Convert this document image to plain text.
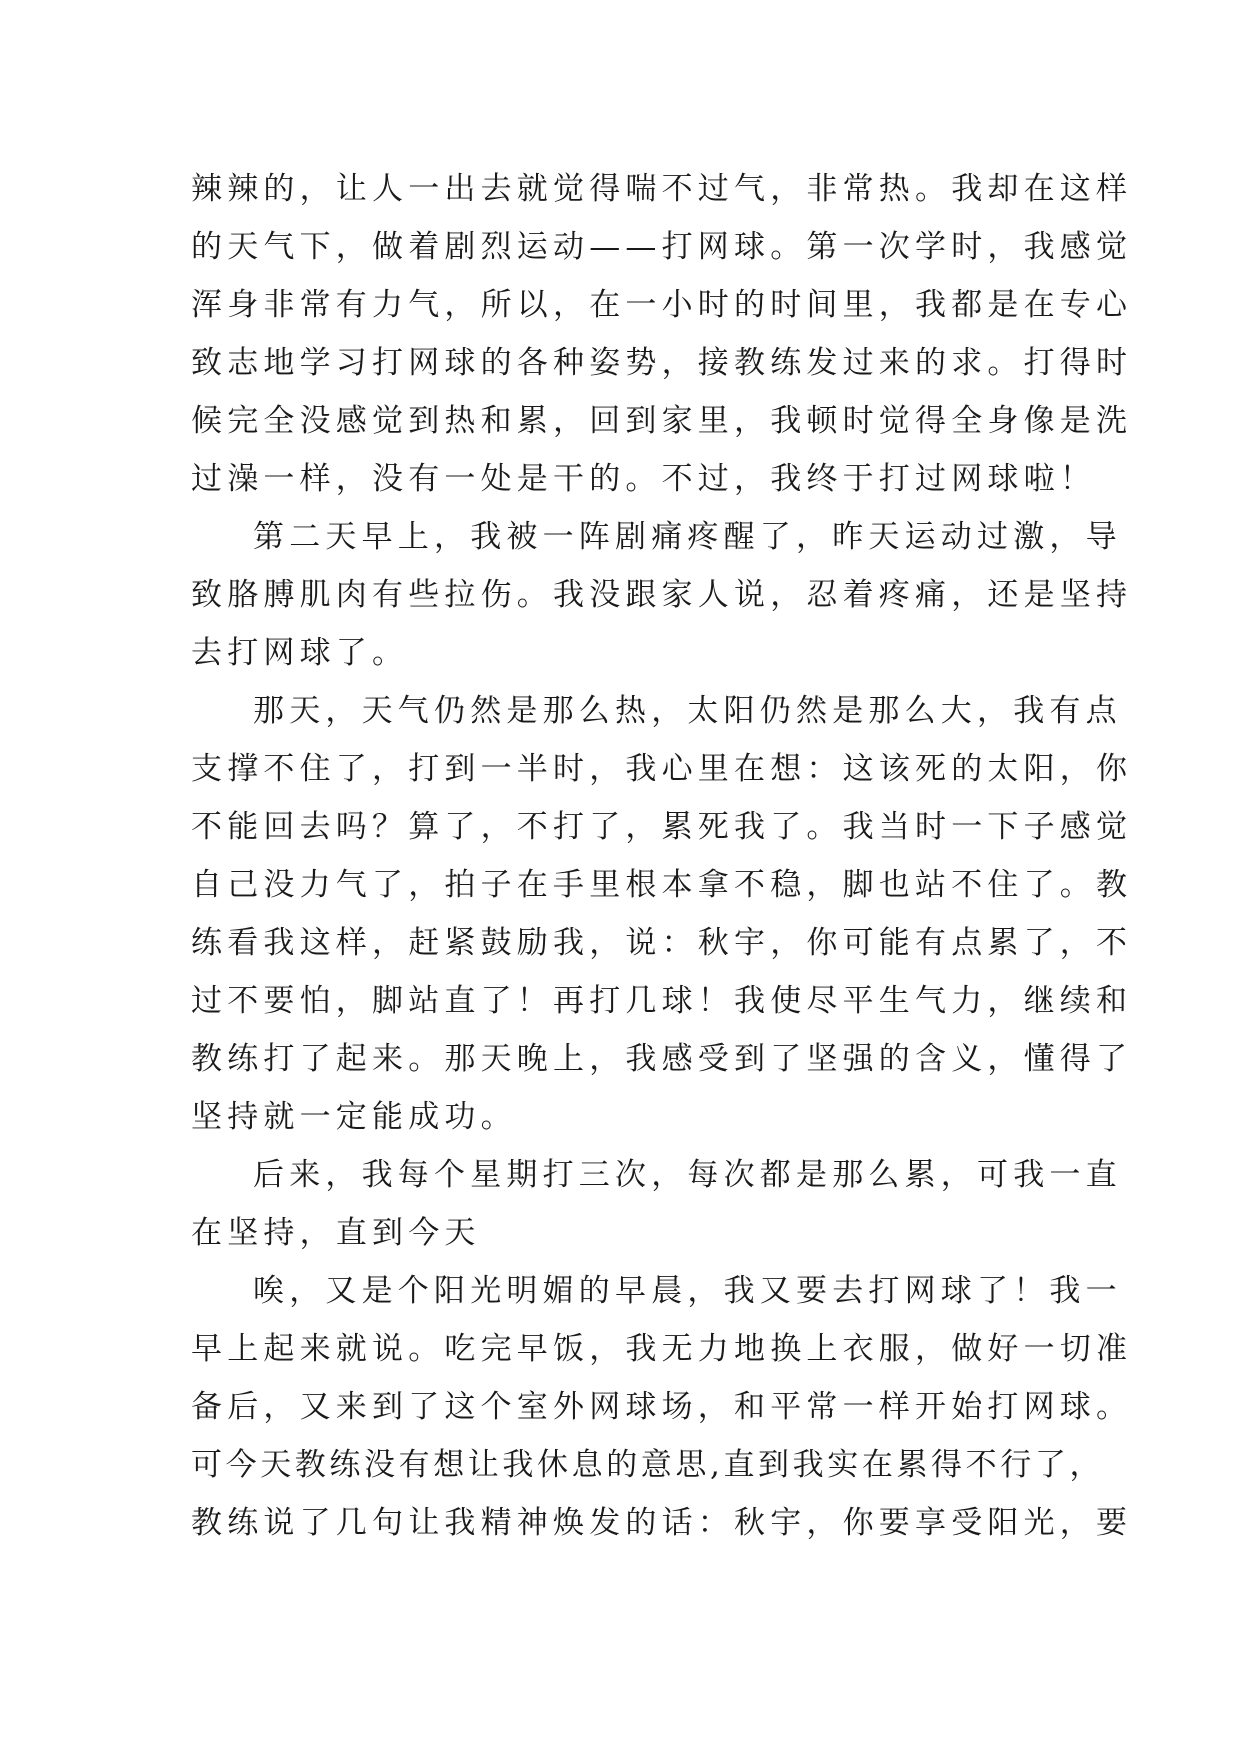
辣辣的，让人一出去就觉得喘不过气，非常热。我却在这样
的天气下，做着剧烈运动——打网球。第一次学时，我感觉
浑身非常有力气，所以，在一小时的时间里，我都是在专心
致志地学习打网球的各种姿势，接教练发过来的求。打得时
候完全没感觉到热和累，回到家里，我顿时觉得全身像是洗
过澡一样，没有一处是干的。不过，我终于打过网球啦！
第二天早上，我被一阵剧痛疼醒了，昨天运动过激，导
致胳膊肌肉有些拉伤。我没跟家人说，忍着疼痛，还是坚持
去打网球了。
那天，天气仍然是那么热，太阳仍然是那么大，我有点
支撑不住了，打到一半时，我心里在想：这该死的太阳，你
不能回去吗？算了，不打了，累死我了。我当时一下子感觉
自己没力气了，拍子在手里根本拿不稳，脚也站不住了。教
练看我这样，赶紧鼓励我，说：秋宇，你可能有点累了，不
过不要怕，脚站直了！再打几球！我使尽平生气力，继续和
教练打了起来。那天晚上，我感受到了坚强的含义，懂得了
坚持就一定能成功。
后来，我每个星期打三次，每次都是那么累，可我一直
在坚持，直到今天
唉，又是个阳光明媚的早晨，我又要去打网球了！我一
早上起来就说。吃完早饭，我无力地换上衣服，做好一切准
备后，又来到了这个室外网球场，和平常一样开始打网球。
可今天教练没有想让我休息的意思,直到我实在累得不行了，
教练说了几句让我精神焕发的话：秋宇，你要享受阳光，要
